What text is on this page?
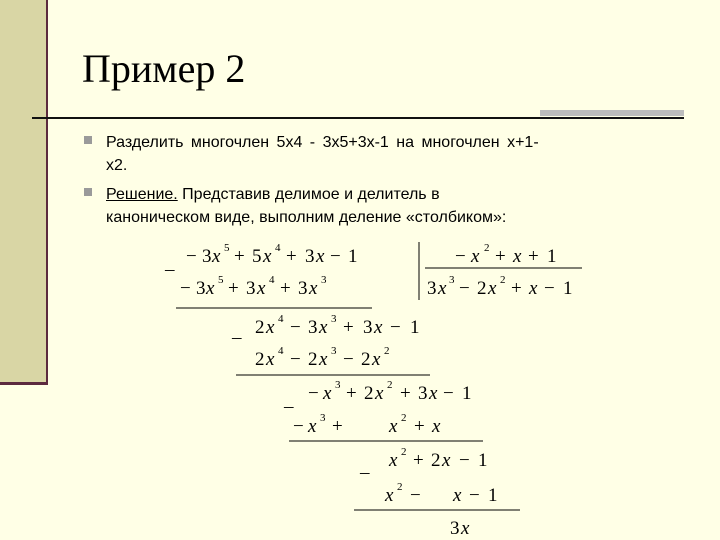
Пример 2
Разделить многочлен 5x4 - 3x5+3x-1 на многочлен x+1-
x2.
Решение. Представив делимое и делитель в
каноническом виде, выполним деление «столбиком»:
–
− 3 x 5 + 5 x 4 + 3 x − 1	− x 2 + x + 1
3 x 3 − 2 x 2 + x − 1
− 3 x 5 + 3 x 4 + 3 x 3
– 2 x 4 − 3 x 3 + 3 x − 1
2 x 4 − 2 x 3 − 2 x 2
–
− x 3 + 2 x 2 + 3 x − 1
− x 3 + x 2 + x
–
x 2 + 2 x − 1
x 2 − x − 1
3 x
